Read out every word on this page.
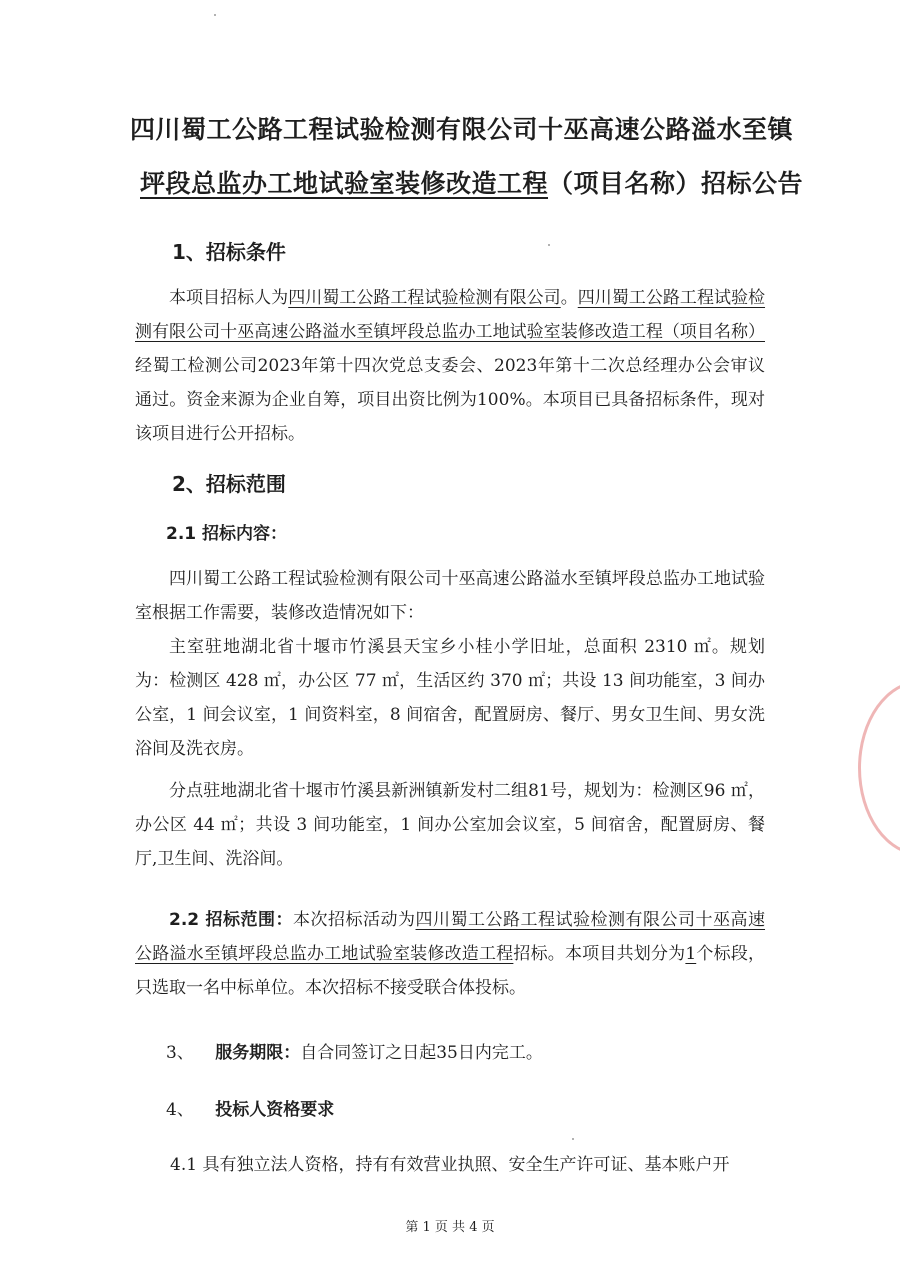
四川蜀工公路工程试验检测有限公司十巫高速公路溢水至镇
坪段总监办工地试验室装修改造工程（项目名称）招标公告
1、招标条件
本项目招标人为四川蜀工公路工程试验检测有限公司。四川蜀工公路工程试验检测有限公司十巫高速公路溢水至镇坪段总监办工地试验室装修改造工程（项目名称）经蜀工检测公司2023年第十四次党总支委会、2023年第十二次总经理办公会审议通过。资金来源为企业自筹，项目出资比例为100%。本项目已具备招标条件，现对该项目进行公开招标。
2、招标范围
2.1 招标内容：
四川蜀工公路工程试验检测有限公司十巫高速公路溢水至镇坪段总监办工地试验室根据工作需要，装修改造情况如下：
主室驻地湖北省十堰市竹溪县天宝乡小桂小学旧址，总面积 2310 ㎡。规划为：检测区 428 ㎡，办公区 77 ㎡，生活区约 370 ㎡；共设 13 间功能室，3 间办公室，1 间会议室，1 间资料室，8 间宿舍，配置厨房、餐厅、男女卫生间、男女洗浴间及洗衣房。
分点驻地湖北省十堰市竹溪县新洲镇新发村二组81号，规划为：检测区96 ㎡，办公区 44 ㎡；共设 3 间功能室，1 间办公室加会议室，5 间宿舍，配置厨房、餐厅,卫生间、洗浴间。
2.2 招标范围：本次招标活动为四川蜀工公路工程试验检测有限公司十巫高速公路溢水至镇坪段总监办工地试验室装修改造工程招标。本项目共划分为1个标段，只选取一名中标单位。本次招标不接受联合体投标。
3、 服务期限：自合同签订之日起35日内完工。
4、 投标人资格要求
4.1 具有独立法人资格，持有有效营业执照、安全生产许可证、基本账户开
第 1 页 共 4 页
